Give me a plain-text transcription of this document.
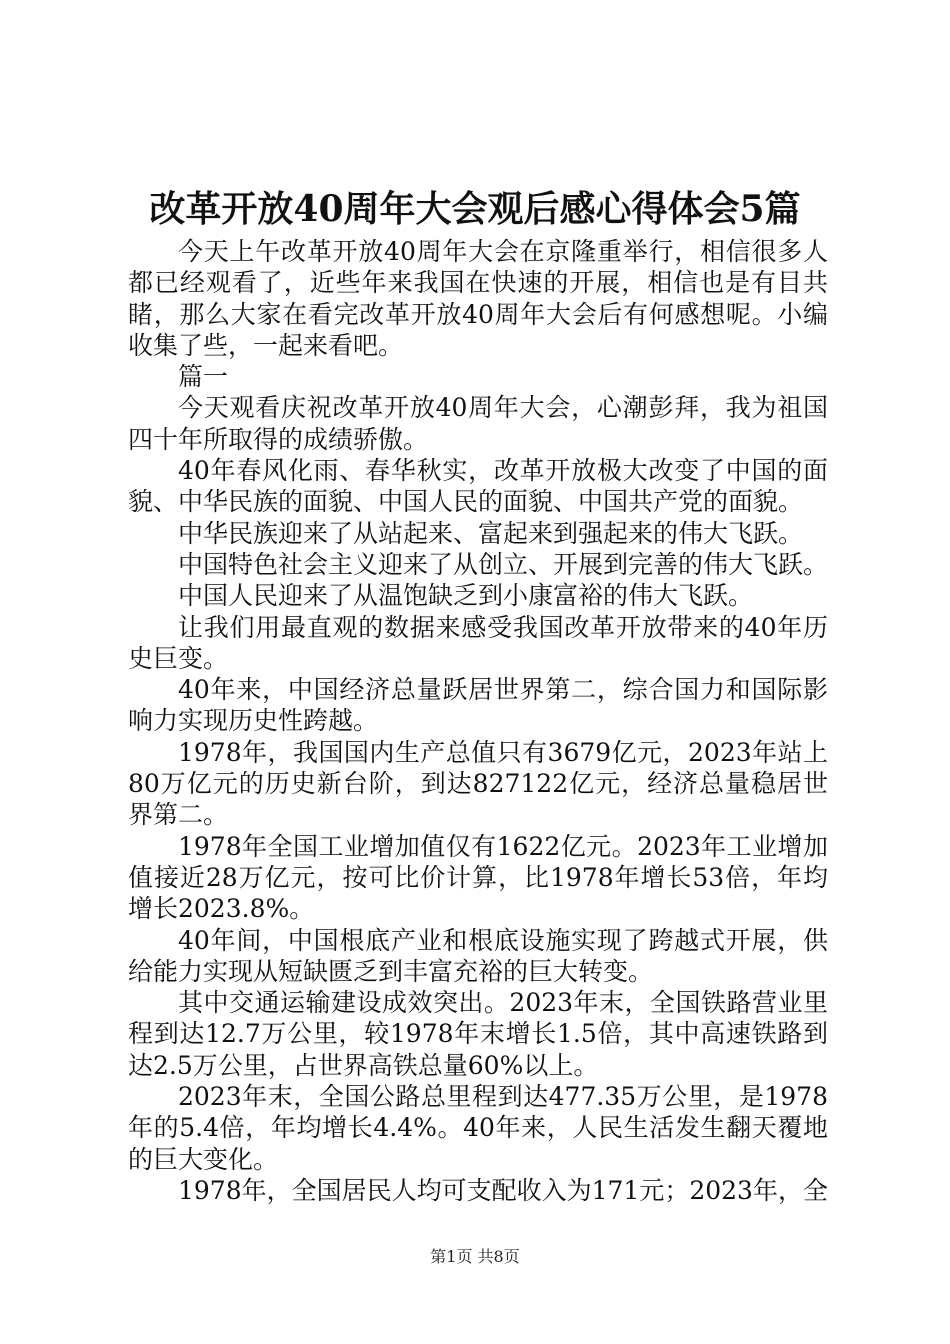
改革开放40周年大会观后感心得体会5篇

今天上午改革开放40周年大会在京隆重举行，相信很多人都已经观看了，近些年来我国在快速的开展，相信也是有目共睹，那么大家在看完改革开放40周年大会后有何感想呢。小编收集了些，一起来看吧。

篇一

今天观看庆祝改革开放40周年大会，心潮彭拜，我为祖国四十年所取得的成绩骄傲。

40年春风化雨、春华秋实，改革开放极大改变了中国的面貌、中华民族的面貌、中国人民的面貌、中国共产党的面貌。

中华民族迎来了从站起来、富起来到强起来的伟大飞跃。

中国特色社会主义迎来了从创立、开展到完善的伟大飞跃。

中国人民迎来了从温饱缺乏到小康富裕的伟大飞跃。

让我们用最直观的数据来感受我国改革开放带来的40年历史巨变。

40年来，中国经济总量跃居世界第二，综合国力和国际影响力实现历史性跨越。

1978年，我国国内生产总值只有3679亿元，2023年站上80万亿元的历史新台阶，到达827122亿元，经济总量稳居世界第二。

1978年全国工业增加值仅有1622亿元。2023年工业增加值接近28万亿元，按可比价计算，比1978年增长53倍，年均增长2023.8%。

40年间，中国根底产业和根底设施实现了跨越式开展，供给能力实现从短缺匮乏到丰富充裕的巨大转变。

其中交通运输建设成效突出。2023年末，全国铁路营业里程到达12.7万公里，较1978年末增长1.5倍，其中高速铁路到达2.5万公里，占世界高铁总量60%以上。

2023年末，全国公路总里程到达477.35万公里，是1978年的5.4倍，年均增长4.4%。40年来，人民生活发生翻天覆地的巨大变化。

1978年，全国居民人均可支配收入为171元；2023年，全

第1页 共8页
